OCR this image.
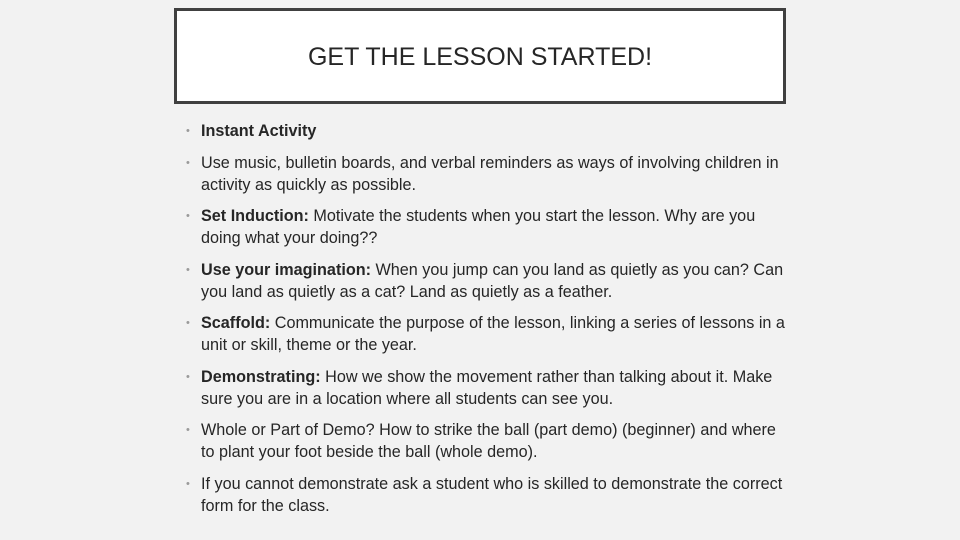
GET THE LESSON STARTED!
• Instant Activity
• Use music, bulletin boards, and verbal reminders as ways of involving children in activity as quickly as possible.
• Set Induction: Motivate the students when you start the lesson. Why are you doing what your doing??
• Use your imagination: When you jump can you land as quietly as you can? Can you land as quietly as a cat? Land as quietly as a feather.
• Scaffold: Communicate the purpose of the lesson, linking a series of lessons in a unit or skill, theme or the year.
• Demonstrating: How we show the movement rather than talking about it. Make sure you are in a location where all students can see you.
• Whole or Part of Demo? How to strike the ball (part demo) (beginner) and where to plant your foot beside the ball (whole demo).
• If you cannot demonstrate ask a student who is skilled to demonstrate the correct form for the class.
